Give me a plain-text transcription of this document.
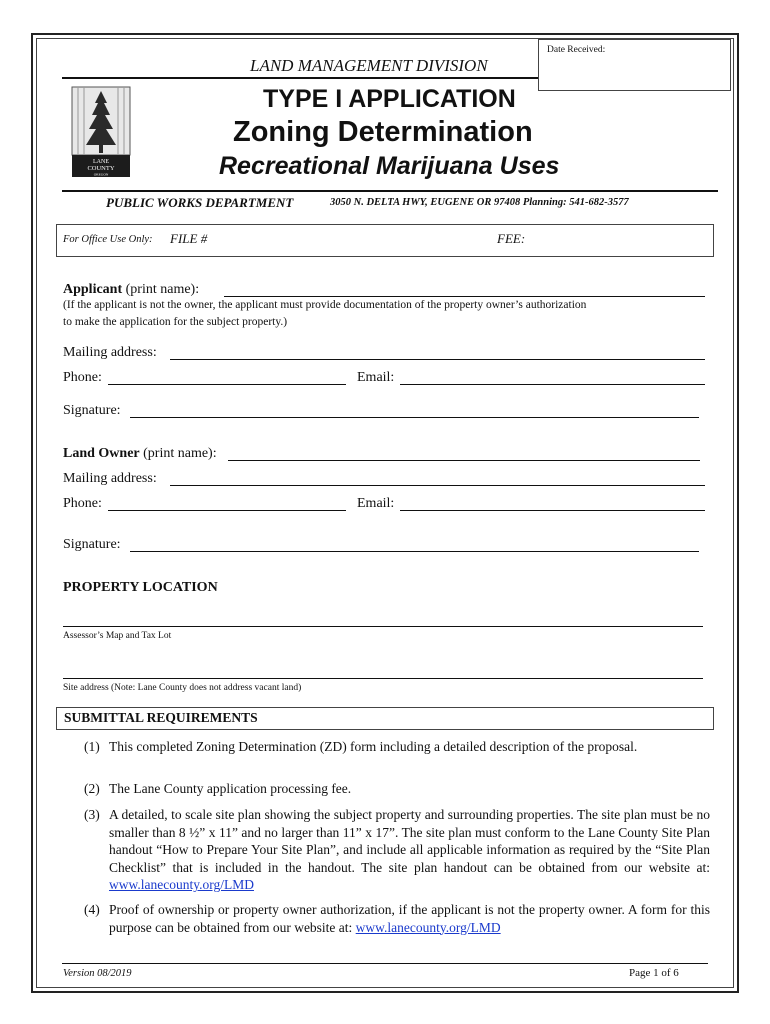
Date Received:
LAND MANAGEMENT DIVISION
LANE
COUNTY
OREGON
TYPE I APPLICATION
Zoning Determination
Recreational Marijuana Uses
PUBLIC WORKS DEPARTMENT	3050 N. DELTA HWY, EUGENE OR 97408 Planning: 541-682-3577
For Office Use Only: FILE #	FEE:
Applicant (print name):
(If the applicant is not the owner, the applicant must provide documentation of the property owner’s authorization
to make the application for the subject property.)
Mailing address:
Phone:	Email:
Signature:
Land Owner (print name):
Mailing address:
Phone:	Email:
Signature:
PROPERTY LOCATION
Assessor’s Map and Tax Lot
Site address (Note: Lane County does not address vacant land)
SUBMITTAL REQUIREMENTS
(1) This completed Zoning Determination (ZD) form including a detailed description of the proposal.
(2) The Lane County application processing fee.
(3) A detailed, to scale site plan showing the subject property and surrounding properties. The site plan must be no smaller than 8 ½” x 11” and no larger than 11” x 17”. The site plan must conform to the Lane County Site Plan handout “How to Prepare Your Site Plan”, and include all applicable information as required by the “Site Plan Checklist” that is included in the handout. The site plan handout can be obtained from our website at: www.lanecounty.org/LMD
(4) Proof of ownership or property owner authorization, if the applicant is not the property owner. A form for this purpose can be obtained from our website at: www.lanecounty.org/LMD
Version 08/2019	Page 1 of 6
